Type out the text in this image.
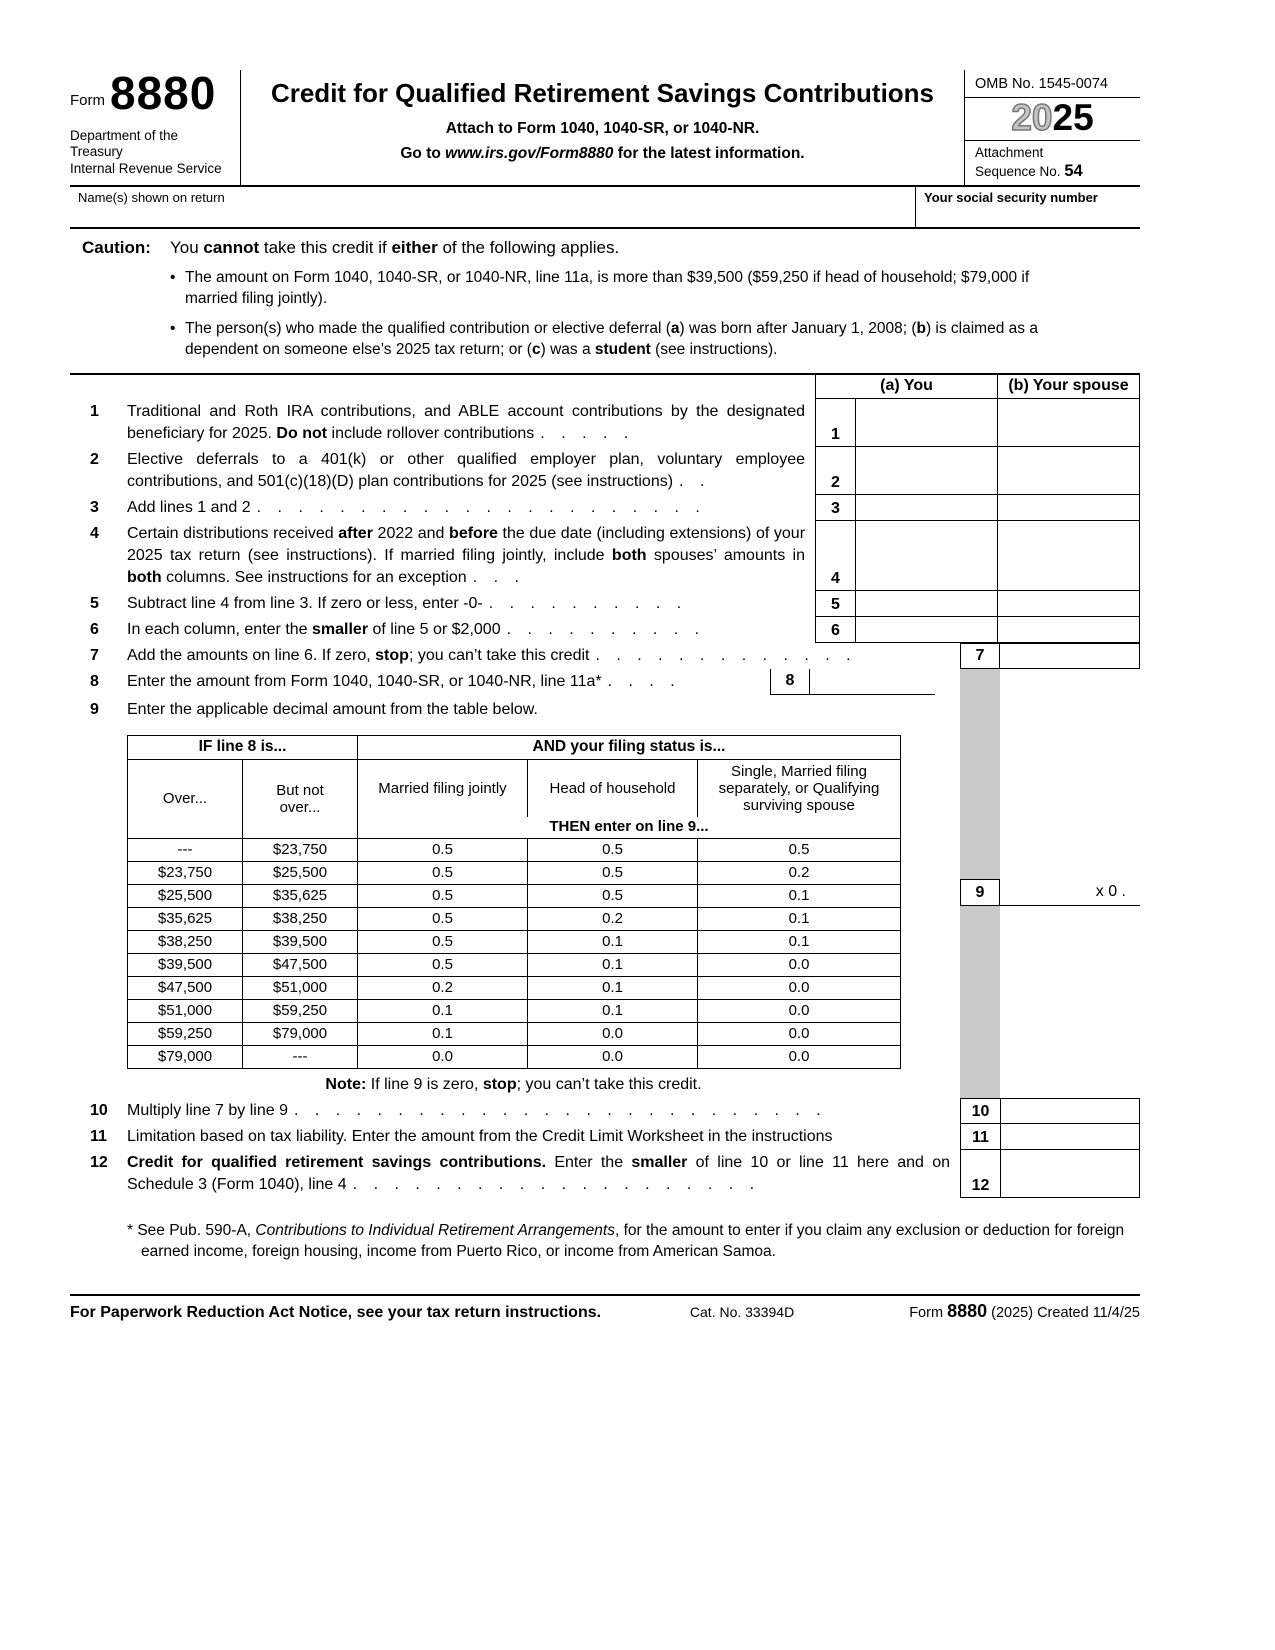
Form 8880
Department of the Treasury
Internal Revenue Service
Credit for Qualified Retirement Savings Contributions
Attach to Form 1040, 1040-SR, or 1040-NR.
Go to www.irs.gov/Form8880 for the latest information.
OMB No. 1545-0074
2025
Attachment
Sequence No. 54
Name(s) shown on return	Your social security number
Caution:	You cannot take this credit if either of the following applies.
• The amount on Form 1040, 1040-SR, or 1040-NR, line 11a, is more than $39,500 ($59,250 if head of household; $79,000 if married filing jointly).
• The person(s) who made the qualified contribution or elective deferral (a) was born after January 1, 2008; (b) is claimed as a dependent on someone else’s 2025 tax return; or (c) was a student (see instructions).
(a) You	(b) Your spouse
1	Traditional and Roth IRA contributions, and ABLE account contributions by the designated beneficiary for 2025. Do not include rollover contributions . . . . .	1
2	Elective deferrals to a 401(k) or other qualified employer plan, voluntary employee contributions, and 501(c)(18)(D) plan contributions for 2025 (see instructions) . .	2
3	Add lines 1 and 2 . . . . . . . . . . . . . . . . . . . . . .	3
4	Certain distributions received after 2022 and before the due date (including extensions) of your 2025 tax return (see instructions). If married filing jointly, include both spouses’ amounts in both columns. See instructions for an exception . . .	4
5	Subtract line 4 from line 3. If zero or less, enter -0- . . . . . . . . . .	5
6	In each column, enter the smaller of line 5 or $2,000 . . . . . . . . . .	6
7	Add the amounts on line 6. If zero, stop; you can’t take this credit . . . . . . . . . . . . .	7
8	Enter the amount from Form 1040, 1040-SR, or 1040-NR, line 11a* . . . .	8
9	Enter the applicable decimal amount from the table below.
IF line 8 is...		AND your filing status is...		
Over...	But not over...	Married filing jointly	Head of household	Single, Married filing separately, or Qualifying surviving spouse
		THEN enter on line 9...		
---	$23,750	0.5	0.5	0.5
$23,750	$25,500	0.5	0.5	0.2
$25,500	$35,625	0.5	0.5	0.1
$35,625	$38,250	0.5	0.2	0.1
$38,250	$39,500	0.5	0.1	0.1
$39,500	$47,500	0.5	0.1	0.0
$47,500	$51,000	0.2	0.1	0.0
$51,000	$59,250	0.1	0.1	0.0
$59,250	$79,000	0.1	0.0	0.0
$79,000	---	0.0	0.0	0.0
Note: If line 9 is zero, stop; you can’t take this credit.
9	x 0 .
10	Multiply line 7 by line 9 . . . . . . . . . . . . . . . . . . . . . . . . . .	10
11	Limitation based on tax liability. Enter the amount from the Credit Limit Worksheet in the instructions	11
12	Credit for qualified retirement savings contributions. Enter the smaller of line 10 or line 11 here and on Schedule 3 (Form 1040), line 4 . . . . . . . . . . . . . . . . . . . .	12
* See Pub. 590-A, Contributions to Individual Retirement Arrangements, for the amount to enter if you claim any exclusion or deduction for foreign earned income, foreign housing, income from Puerto Rico, or income from American Samoa.
For Paperwork Reduction Act Notice, see your tax return instructions.	Cat. No. 33394D	Form 8880 (2025) Created 11/4/25
